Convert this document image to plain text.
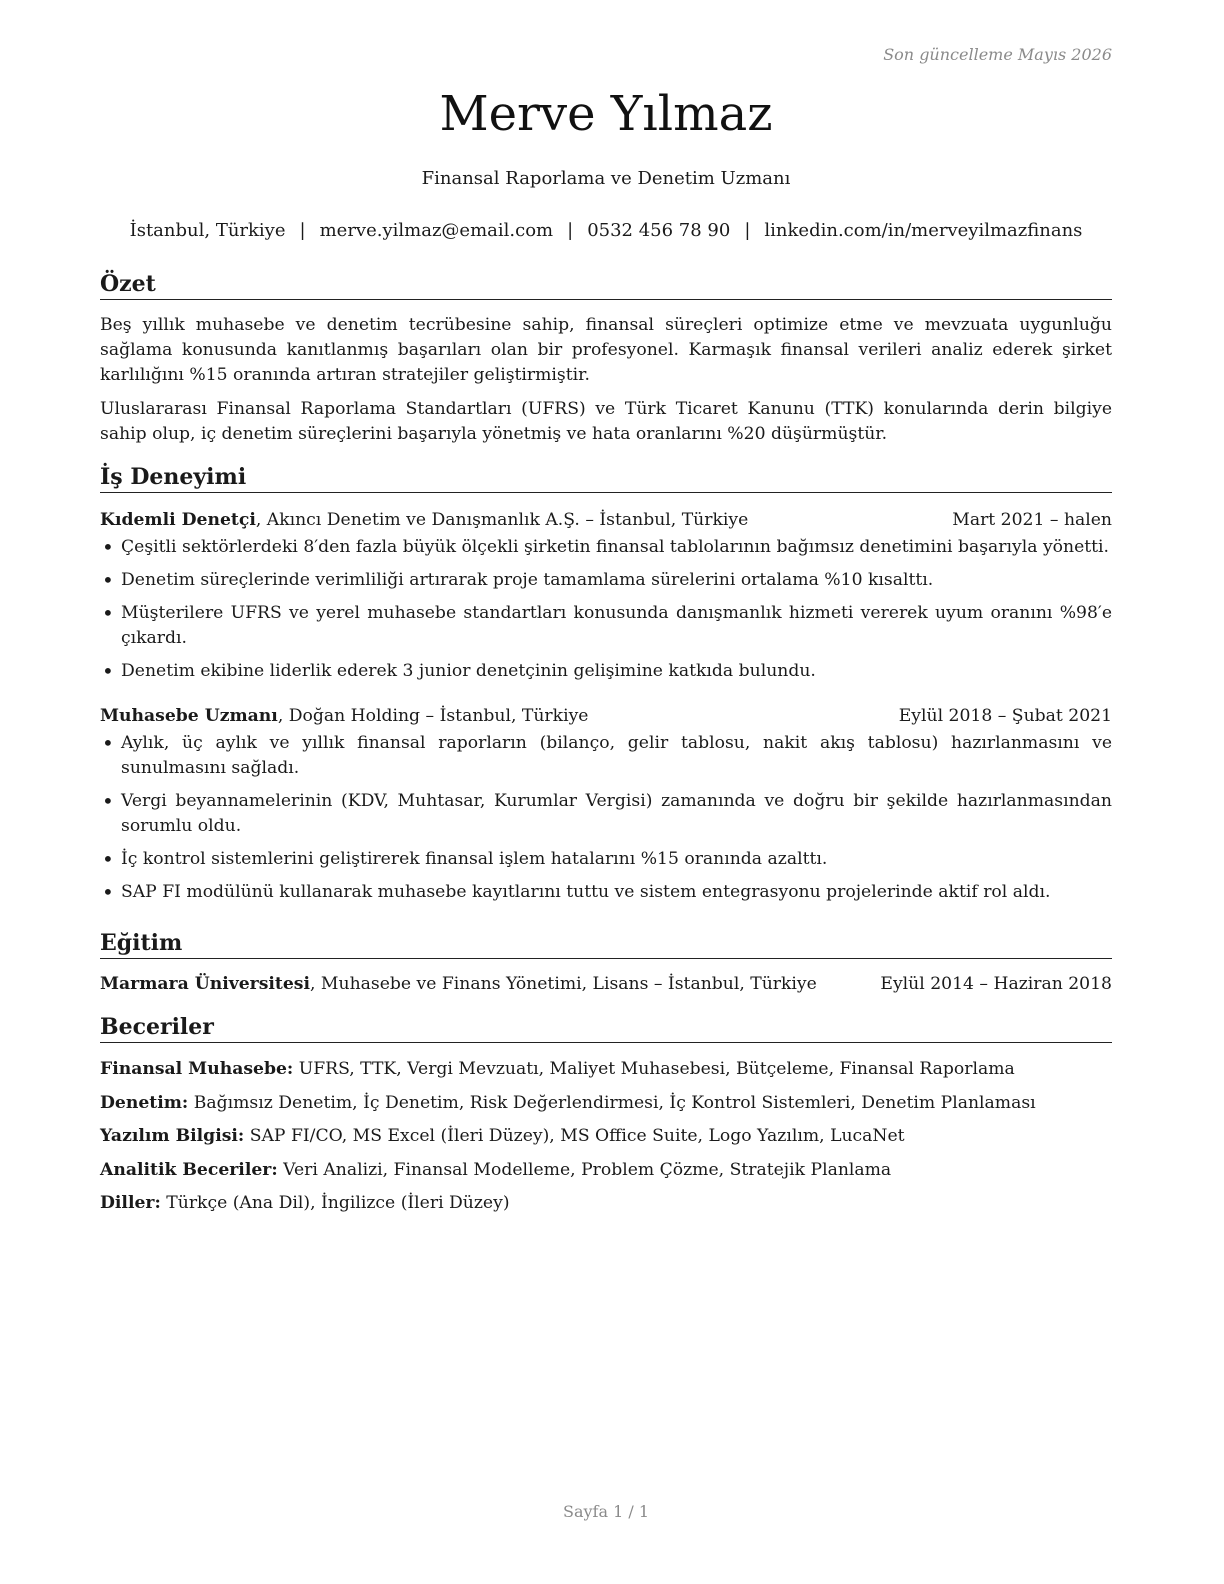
Son güncelleme Mayıs 2026
Merve Yılmaz
Finansal Raporlama ve Denetim Uzmanı
İstanbul, Türkiye | merve.yilmaz@email.com | 0532 456 78 90 | linkedin.com/in/merveyilmazfinans
Özet

Beş yıllık muhasebe ve denetim tecrübesine sahip, finansal süreçleri optimize etme ve mevzuata uygunluğu sağlama konusunda kanıtlanmış başarıları olan bir profesyonel. Karmaşık finansal verileri analiz ederek şirket karlılığını %15 oranında artıran stratejiler geliştirmiştir.

Uluslararası Finansal Raporlama Standartları (UFRS) ve Türk Ticaret Kanunu (TTK) konularında derin bilgiye sahip olup, iç denetim süreçlerini başarıyla yönetmiş ve hata oranlarını %20 düşürmüştür.

İş Deneyimi
Kıdemli Denetçi, Akıncı Denetim ve Danışmanlık A.Ş. – İstanbul, Türkiye	Mart 2021 – halen
• Çeşitli sektörlerdeki 8′den fazla büyük ölçekli şirketin finansal tablolarının bağımsız denetimini başarıyla yönetti.
• Denetim süreçlerinde verimliliği artırarak proje tamamlama sürelerini ortalama %10 kısalttı.
• Müşterilere UFRS ve yerel muhasebe standartları konusunda danışmanlık hizmeti vererek uyum oranını %98′e çıkardı.
• Denetim ekibine liderlik ederek 3 junior denetçinin gelişimine katkıda bulundu.
Muhasebe Uzmanı, Doğan Holding – İstanbul, Türkiye	Eylül 2018 – Şubat 2021
• Aylık, üç aylık ve yıllık finansal raporların (bilanço, gelir tablosu, nakit akış tablosu) hazırlanmasını ve sunulmasını sağladı.
• Vergi beyannamelerinin (KDV, Muhtasar, Kurumlar Vergisi) zamanında ve doğru bir şekilde hazırlanmasından sorumlu oldu.
• İç kontrol sistemlerini geliştirerek finansal işlem hatalarını %15 oranında azalttı.
• SAP FI modülünü kullanarak muhasebe kayıtlarını tuttu ve sistem entegrasyonu projelerinde aktif rol aldı.
Eğitim
Marmara Üniversitesi, Muhasebe ve Finans Yönetimi, Lisans – İstanbul, Türkiye	Eylül 2014 – Haziran 2018
Beceriler
Finansal Muhasebe: UFRS, TTK, Vergi Mevzuatı, Maliyet Muhasebesi, Bütçeleme, Finansal Raporlama
Denetim: Bağımsız Denetim, İç Denetim, Risk Değerlendirmesi, İç Kontrol Sistemleri, Denetim Planlaması
Yazılım Bilgisi: SAP FI/CO, MS Excel (İleri Düzey), MS Office Suite, Logo Yazılım, LucaNet
Analitik Beceriler: Veri Analizi, Finansal Modelleme, Problem Çözme, Stratejik Planlama
Diller: Türkçe (Ana Dil), İngilizce (İleri Düzey)
Sayfa 1 / 1
